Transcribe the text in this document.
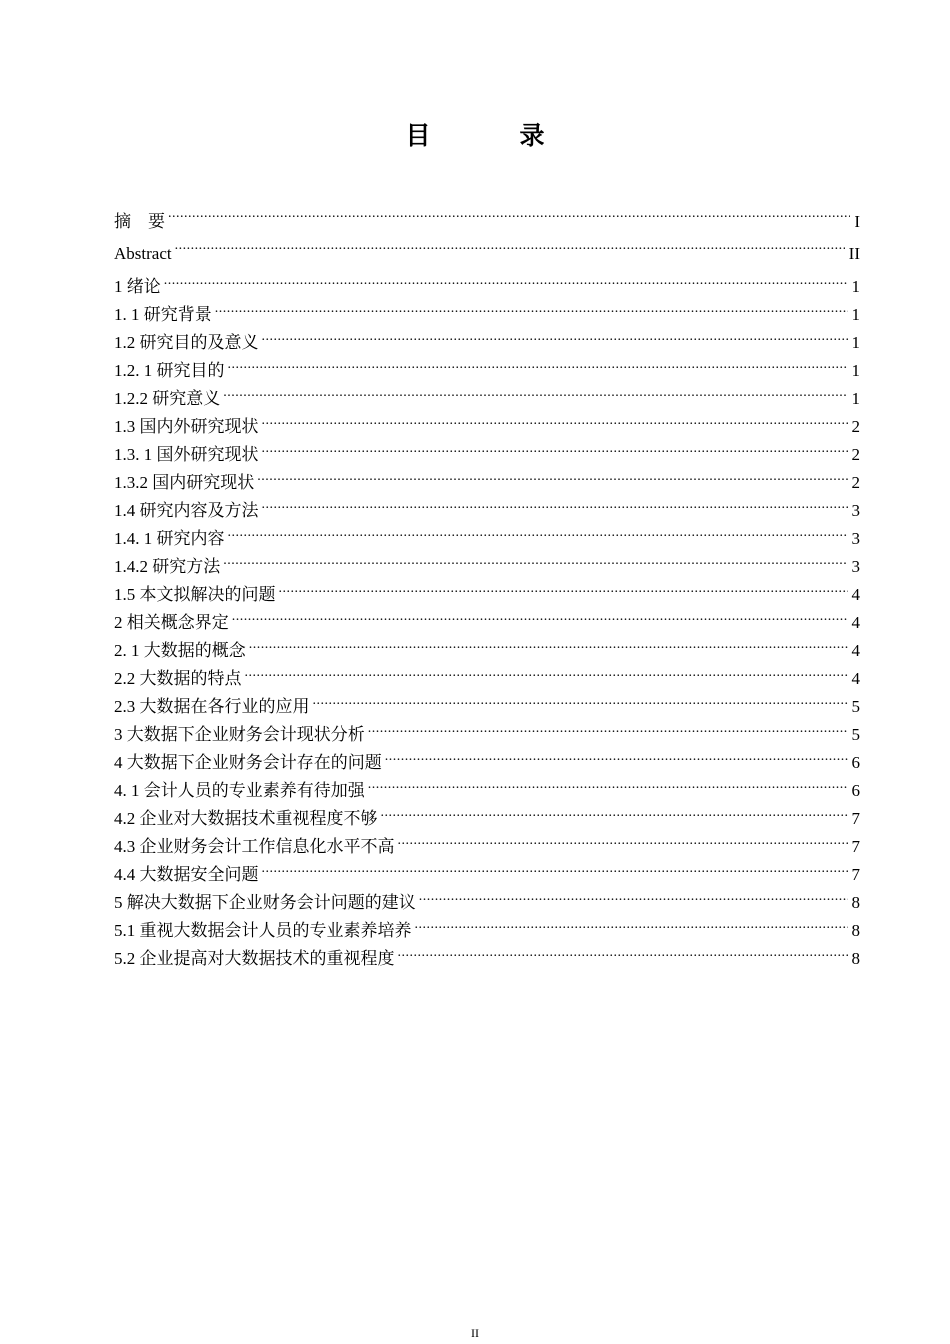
目　录
摘　要 .....	I
Abstract .....	II
1 绪论 .....	1
1. 1 研究背景 .....	1
1.2 研究目的及意义 .....	1
1.2. 1 研究目的 .....	1
1.2.2 研究意义 .....	1
1.3 国内外研究现状 .....	2
1.3. 1 国外研究现状 .....	2
1.3.2 国内研究现状 .....	2
1.4 研究内容及方法 .....	3
1.4. 1 研究内容 .....	3
1.4.2 研究方法 .....	3
1.5 本文拟解决的问题 .....	4
2 相关概念界定 .....	4
2. 1 大数据的概念 .....	4
2.2 大数据的特点 .....	4
2.3 大数据在各行业的应用 .....	5
3 大数据下企业财务会计现状分析 .....	5
4 大数据下企业财务会计存在的问题 .....	6
4. 1 会计人员的专业素养有待加强 .....	6
4.2 企业对大数据技术重视程度不够 .....	7
4.3 企业财务会计工作信息化水平不高 .....	7
4.4 大数据安全问题 .....	7
5 解决大数据下企业财务会计问题的建议 .....	8
5.1 重视大数据会计人员的专业素养培养 .....	8
5.2 企业提高对大数据技术的重视程度 .....	8
II
